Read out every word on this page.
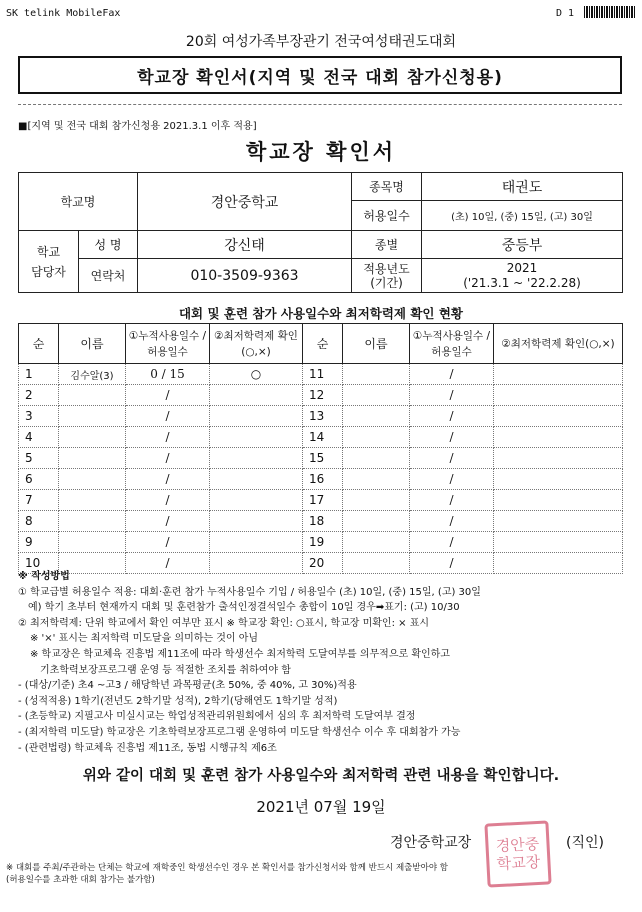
SK telink MobileFax	D 1
20회 여성가족부장관기 전국여성태권도대회
학교장 확인서(지역 및 전국 대회 참가신청용)
■[지역 및 전국 대회 참가신청용 2021.3.1 이후 적용]
학교장 확인서
학교명		경안중학교	종목명	태권도
			허용일수	(초) 10일, (중) 15일, (고) 30일
학교 담당자	성 명	강신태	종별	중등부
	연락처	010-3509-9363	적용년도 (기간)	2021
('21.3.1 ~ '22.2.28)
대회 및 훈련 참가 사용일수와 최저학력제 확인 현황
순	이름	①누적사용일수 /허용일수	②최저학력제 확인(○,×)	순	이름	①누적사용일수 /허용일수	②최저학력제 확인(○,×)
1	김수알(3)	0 / 15	○	11		/	
2		/		12		/	
3		/		13		/	
4		/		14		/	
5		/		15		/	
6		/		16		/	
7		/		17		/	
8		/		18		/	
9		/		19		/	
10		/		20		/	
※ 작성방법
① 학교급별 허용일수 적용: 대회·훈련 참가 누적사용일수 기입 / 허용일수 (초) 10일, (중) 15일, (고) 30일
예) 학기 초부터 현재까지 대회 및 훈련참가 출석인정결석일수 총합이 10일 경우➡표기: (고) 10/30
② 최저학력제: 단위 학교에서 확인 여부만 표시 ※ 학교장 확인: ○표시, 학교장 미확인: × 표시
※ '×' 표시는 최저학력 미도달을 의미하는 것이 아님
※ 학교장은 학교체육 진흥법 제11조에 따라 학생선수 최저학력 도달여부를 의무적으로 확인하고
기초학력보장프로그램 운영 등 적절한 조치를 취하여야 함
- (대상/기준) 초4 ~고3 / 해당학년 과목평균(초 50%, 중 40%, 고 30%)적용
- (성적적용) 1학기(전년도 2학기말 성적), 2학기(당해연도 1학기말 성적)
- (초등학교) 지필고사 미실시교는 학업성적관리위원회에서 심의 후 최저학력 도달여부 결정
- (최저학력 미도달) 학교장은 기초학력보장프로그램 운영하여 미도달 학생선수 이수 후 대회참가 가능
- (관련법령) 학교체육 진흥법 제11조, 동법 시행규칙 제6조
위와 같이 대회 및 훈련 참가 사용일수와 최저학력 관련 내용을 확인합니다.
2021년 07월 19일
경안중학교장	(직인)
경안중학교장
※ 대회를 주최/주관하는 단체는 학교에 재학중인 학생선수인 경우 본 확인서를 참가신청서와 함께 반드시 제출받아야 함
(허용일수를 초과한 대회 참가는 불가함)
